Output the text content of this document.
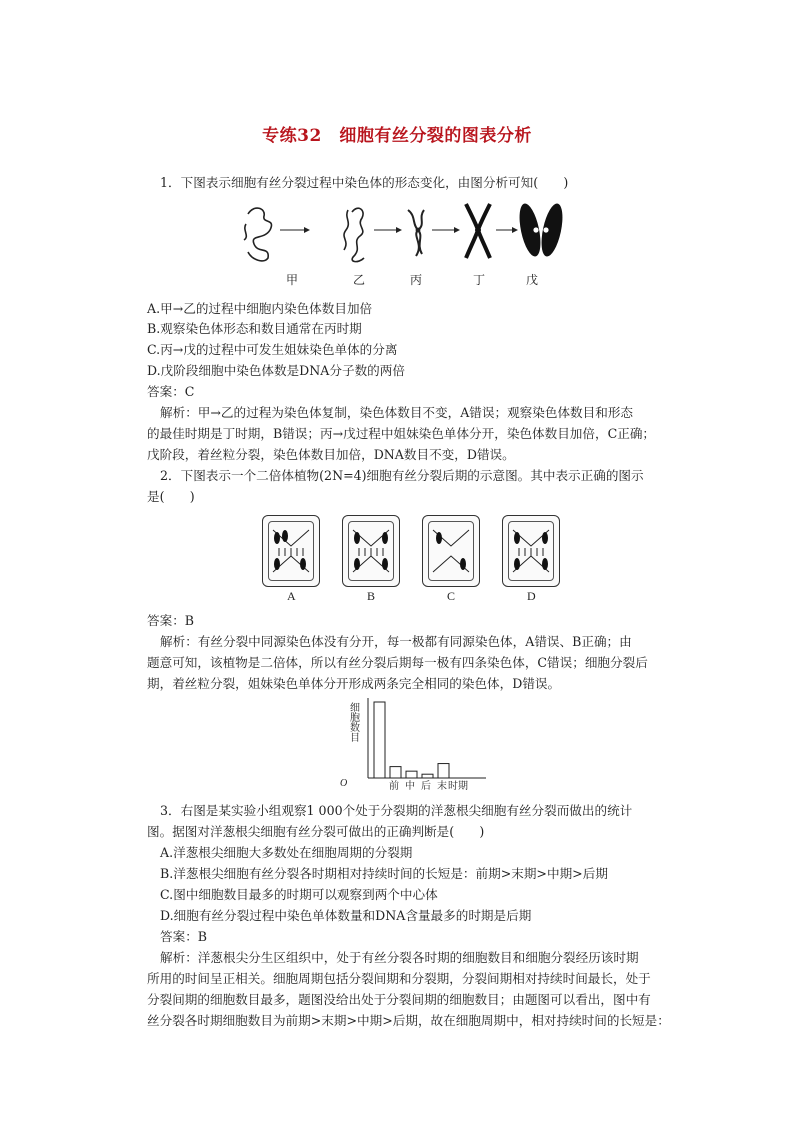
专练32　细胞有丝分裂的图表分析
1．下图表示细胞有丝分裂过程中染色体的形态变化，由图分析可知(　　)
甲	乙	丙	丁	戊
A.甲→乙的过程中细胞内染色体数目加倍
B.观察染色体形态和数目通常在丙时期
C.丙→戊的过程中可发生姐妹染色单体的分离
D.戊阶段细胞中染色体数是DNA分子数的两倍
答案：C
解析：甲→乙的过程为染色体复制，染色体数目不变，A错误；观察染色体数目和形态
的最佳时期是丁时期，B错误；丙→戊过程中姐妹染色单体分开，染色体数目加倍，C正确；
戊阶段，着丝粒分裂，染色体数目加倍，DNA数目不变，D错误。
2．下图表示一个二倍体植物(2N=4)细胞有丝分裂后期的示意图。其中表示正确的图示
是(　　)
A	B	C	D
答案：B
解析：有丝分裂中同源染色体没有分开，每一极都有同源染色体，A错误、B正确；由
题意可知，该植物是二倍体，所以有丝分裂后期每一极有四条染色体，C错误；细胞分裂后
期，着丝粒分裂，姐妹染色单体分开形成两条完全相同的染色体，D错误。
细胞数目
O	前 中 后 末 时期
3．右图是某实验小组观察1 000个处于分裂期的洋葱根尖细胞有丝分裂而做出的统计
图。据图对洋葱根尖细胞有丝分裂可做出的正确判断是(　　)
A.洋葱根尖细胞大多数处在细胞周期的分裂期
B.洋葱根尖细胞有丝分裂各时期相对持续时间的长短是：前期>末期>中期>后期
C.图中细胞数目最多的时期可以观察到两个中心体
D.细胞有丝分裂过程中染色单体数量和DNA含量最多的时期是后期
答案：B
解析：洋葱根尖分生区组织中，处于有丝分裂各时期的细胞数目和细胞分裂经历该时期
所用的时间呈正相关。细胞周期包括分裂间期和分裂期，分裂间期相对持续时间最长，处于
分裂间期的细胞数目最多，题图没给出处于分裂间期的细胞数目；由题图可以看出，图中有
丝分裂各时期细胞数目为前期>末期>中期>后期，故在细胞周期中，相对持续时间的长短是：
